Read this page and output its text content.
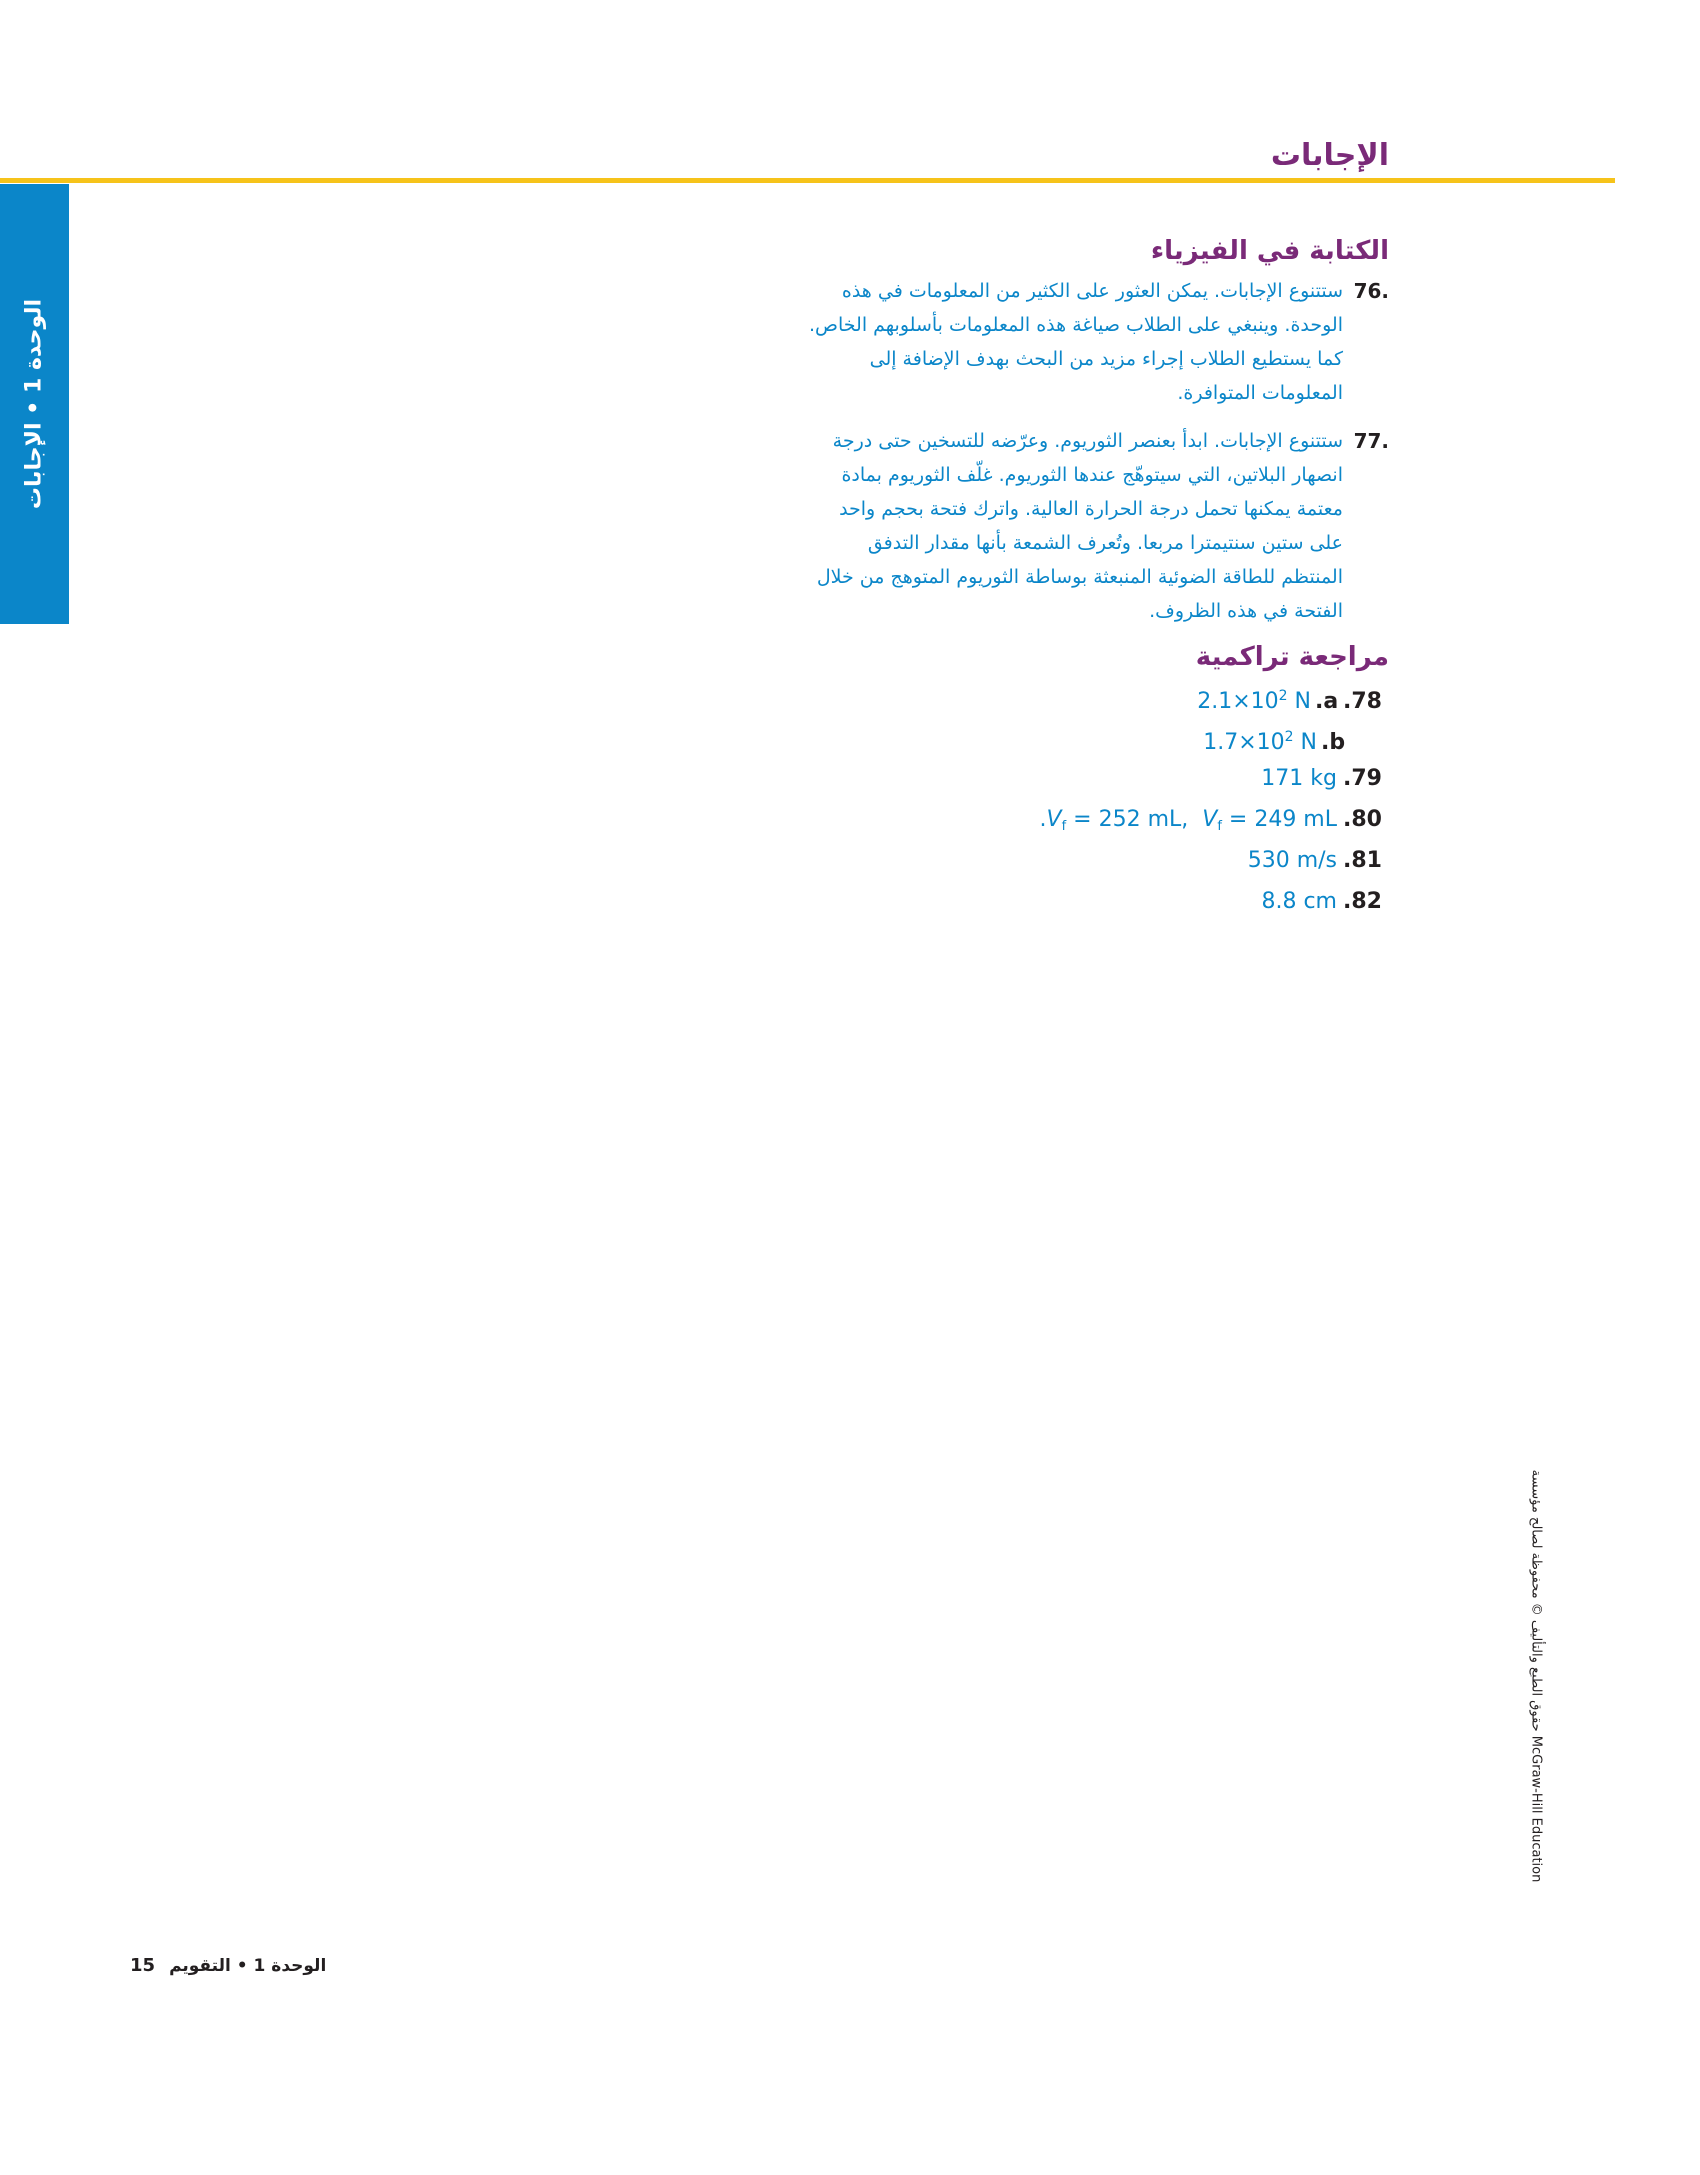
الإجابات
الوحدة 1 • الإجابات
الكتابة في الفيزياء
76.
ستتنوع الإجابات. يمكن العثور على الكثير من المعلومات في هذه الوحدة. وينبغي على الطلاب صياغة هذه المعلومات بأسلوبهم الخاص. كما يستطيع الطلاب إجراء مزيد من البحث بهدف الإضافة إلى المعلومات المتوافرة.
77.
ستتنوع الإجابات. ابدأ بعنصر الثوريوم. وعرّضه للتسخين حتى درجة انصهار البلاتين، التي سيتوهّج عندها الثوريوم. غلّف الثوريوم بمادة معتمة يمكنها تحمل درجة الحرارة العالية. واترك فتحة بحجم واحد على ستين سنتيمترا مربعا. وتُعرف الشمعة بأنها مقدار التدفق المنتظم للطاقة الضوئية المنبعثة بوساطة الثوريوم المتوهج من خلال الفتحة في هذه الظروف.
مراجعة تراكمية
$2.1\times 10^2$ N .a .78
$1.7\times 10^2$ N .b
171 kg .79
$.V_f = 252$ mL,  $V_f = 249$ mL .80
530 m/s .81
8.8 cm .82
حقوق الطبع والتأليف © محفوظة لصالح مؤسسة McGraw-Hill Education
15 الوحدة 1 • التقويم
